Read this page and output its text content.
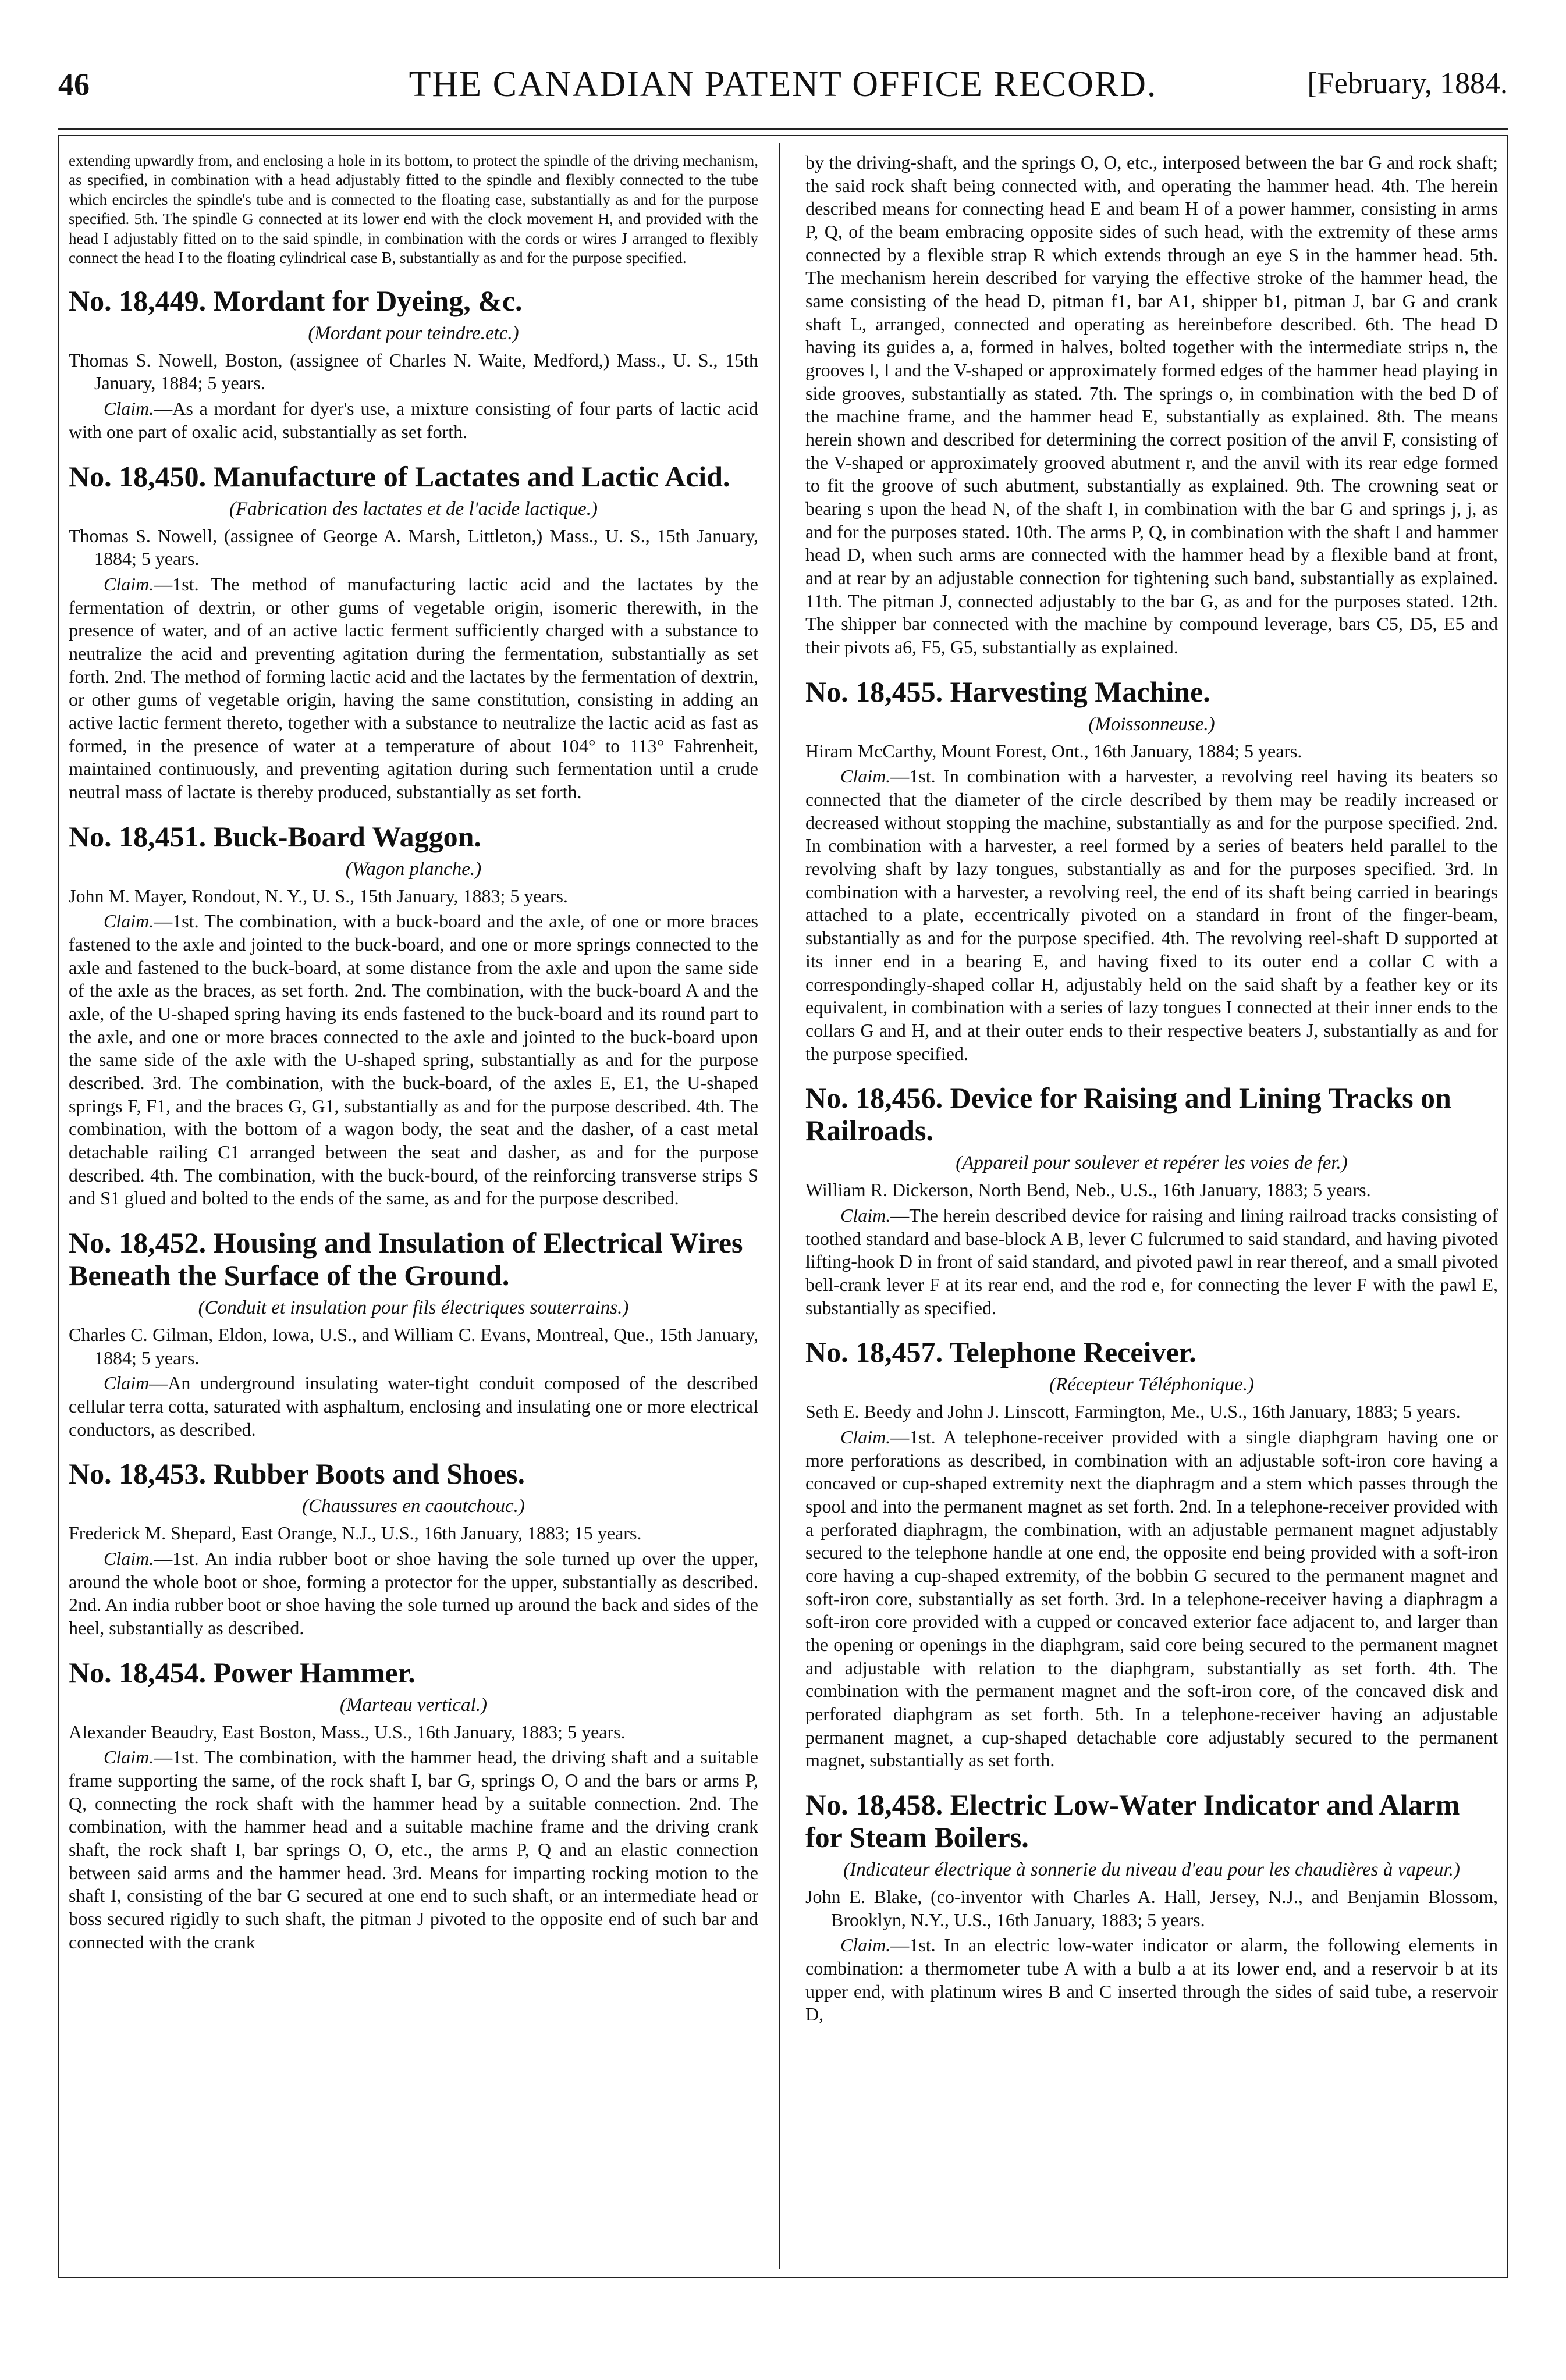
46	THE CANADIAN PATENT OFFICE RECORD.	[February, 1884.

extending upwardly from, and enclosing a hole in its bottom, to protect the spindle of the driving mechanism, as specified, in combination with a head adjustably fitted to the spindle and flexibly connected to the tube which encircles the spindle's tube and is connected to the floating case, substantially as and for the purpose specified. 5th. The spindle G connected at its lower end with the clock movement H, and provided with the head I adjustably fitted on to the said spindle, in combination with the cords or wires J arranged to flexibly connect the head I to the floating cylindrical case B, substantially as and for the purpose specified.

No. 18,449. Mordant for Dyeing, &c.
(Mordant pour teindre.etc.)

Thomas S. Nowell, Boston, (assignee of Charles N. Waite, Medford,) Mass., U. S., 15th January, 1884; 5 years.

Claim.—As a mordant for dyer's use, a mixture consisting of four parts of lactic acid with one part of oxalic acid, substantially as set forth.

No. 18,450. Manufacture of Lactates and Lactic Acid.
(Fabrication des lactates et de l'acide lactique.)

Thomas S. Nowell, (assignee of George A. Marsh, Littleton,) Mass., U. S., 15th January, 1884; 5 years.

Claim.—1st. The method of manufacturing lactic acid and the lactates by the fermentation of dextrin, or other gums of vegetable origin, isomeric therewith, in the presence of water, and of an active lactic ferment sufficiently charged with a substance to neutralize the acid and preventing agitation during the fermentation, substantially as set forth. 2nd. The method of forming lactic acid and the lactates by the fermentation of dextrin, or other gums of vegetable origin, having the same constitution, consisting in adding an active lactic ferment thereto, together with a substance to neutralize the lactic acid as fast as formed, in the presence of water at a temperature of about 104° to 113° Fahrenheit, maintained continuously, and preventing agitation during such fermentation until a crude neutral mass of lactate is thereby produced, substantially as set forth.

No. 18,451. Buck-Board Waggon.
(Wagon planche.)

John M. Mayer, Rondout, N. Y., U. S., 15th January, 1883; 5 years.

Claim.—1st. The combination, with a buck-board and the axle, of one or more braces fastened to the axle and jointed to the buck-board, and one or more springs connected to the axle and fastened to the buck-board, at some distance from the axle and upon the same side of the axle as the braces, as set forth. 2nd. The combination, with the buck-board A and the axle, of the U-shaped spring having its ends fastened to the buck-board and its round part to the axle, and one or more braces connected to the axle and jointed to the buck-board upon the same side of the axle with the U-shaped spring, substantially as and for the purpose described. 3rd. The combination, with the buck-board, of the axles E, E1, the U-shaped springs F, F1, and the braces G, G1, substantially as and for the purpose described. 4th. The combination, with the bottom of a wagon body, the seat and the dasher, of a cast metal detachable railing C1 arranged between the seat and dasher, as and for the purpose described. 4th. The combination, with the buck-bourd, of the reinforcing transverse strips S and S1 glued and bolted to the ends of the same, as and for the purpose described.

No. 18,452. Housing and Insulation of Electrical Wires Beneath the Surface of the Ground.
(Conduit et insulation pour fils électriques souterrains.)

Charles C. Gilman, Eldon, Iowa, U.S., and William C. Evans, Montreal, Que., 15th January, 1884; 5 years.

Claim—An underground insulating water-tight conduit composed of the described cellular terra cotta, saturated with asphaltum, enclosing and insulating one or more electrical conductors, as described.

No. 18,453. Rubber Boots and Shoes.
(Chaussures en caoutchouc.)

Frederick M. Shepard, East Orange, N.J., U.S., 16th January, 1883; 15 years.

Claim.—1st. An india rubber boot or shoe having the sole turned up over the upper, around the whole boot or shoe, forming a protector for the upper, substantially as described. 2nd. An india rubber boot or shoe having the sole turned up around the back and sides of the heel, substantially as described.

No. 18,454. Power Hammer.
(Marteau vertical.)

Alexander Beaudry, East Boston, Mass., U.S., 16th January, 1883; 5 years.

Claim.—1st. The combination, with the hammer head, the driving shaft and a suitable frame supporting the same, of the rock shaft I, bar G, springs O, O and the bars or arms P, Q, connecting the rock shaft with the hammer head by a suitable connection. 2nd. The combination, with the hammer head and a suitable machine frame and the driving crank shaft, the rock shaft I, bar springs O, O, etc., the arms P, Q and an elastic connection between said arms and the hammer head. 3rd. Means for imparting rocking motion to the shaft I, consisting of the bar G secured at one end to such shaft, or an intermediate head or boss secured rigidly to such shaft, the pitman J pivoted to the opposite end of such bar and connected with the crank

by the driving-shaft, and the springs O, O, etc., interposed between the bar G and rock shaft; the said rock shaft being connected with, and operating the hammer head. 4th. The herein described means for connecting head E and beam H of a power hammer, consisting in arms P, Q, of the beam embracing opposite sides of such head, with the extremity of these arms connected by a flexible strap R which extends through an eye S in the hammer head. 5th. The mechanism herein described for varying the effective stroke of the hammer head, the same consisting of the head D, pitman f1, bar A1, shipper b1, pitman J, bar G and crank shaft L, arranged, connected and operating as hereinbefore described. 6th. The head D having its guides a, a, formed in halves, bolted together with the intermediate strips n, the grooves l, l and the V-shaped or approximately formed edges of the hammer head playing in side grooves, substantially as stated. 7th. The springs o, in combination with the bed D of the machine frame, and the hammer head E, substantially as explained. 8th. The means herein shown and described for determining the correct position of the anvil F, consisting of the V-shaped or approximately grooved abutment r, and the anvil with its rear edge formed to fit the groove of such abutment, substantially as explained. 9th. The crowning seat or bearing s upon the head N, of the shaft I, in combination with the bar G and springs j, j, as and for the purposes stated. 10th. The arms P, Q, in combination with the shaft I and hammer head D, when such arms are connected with the hammer head by a flexible band at front, and at rear by an adjustable connection for tightening such band, substantially as explained. 11th. The pitman J, connected adjustably to the bar G, as and for the purposes stated. 12th. The shipper bar connected with the machine by compound leverage, bars C5, D5, E5 and their pivots a6, F5, G5, substantially as explained.

No. 18,455. Harvesting Machine.
(Moissonneuse.)

Hiram McCarthy, Mount Forest, Ont., 16th January, 1884; 5 years.

Claim.—1st. In combination with a harvester, a revolving reel having its beaters so connected that the diameter of the circle described by them may be readily increased or decreased without stopping the machine, substantially as and for the purpose specified. 2nd. In combination with a harvester, a reel formed by a series of beaters held parallel to the revolving shaft by lazy tongues, substantially as and for the purposes specified. 3rd. In combination with a harvester, a revolving reel, the end of its shaft being carried in bearings attached to a plate, eccentrically pivoted on a standard in front of the finger-beam, substantially as and for the purpose specified. 4th. The revolving reel-shaft D supported at its inner end in a bearing E, and having fixed to its outer end a collar C with a correspondingly-shaped collar H, adjustably held on the said shaft by a feather key or its equivalent, in combination with a series of lazy tongues I connected at their inner ends to the collars G and H, and at their outer ends to their respective beaters J, substantially as and for the purpose specified.

No. 18,456. Device for Raising and Lining Tracks on Railroads.
(Appareil pour soulever et repérer les voies de fer.)

William R. Dickerson, North Bend, Neb., U.S., 16th January, 1883; 5 years.

Claim.—The herein described device for raising and lining railroad tracks consisting of toothed standard and base-block A B, lever C fulcrumed to said standard, and having pivoted lifting-hook D in front of said standard, and pivoted pawl in rear thereof, and a small pivoted bell-crank lever F at its rear end, and the rod e, for connecting the lever F with the pawl E, substantially as specified.

No. 18,457. Telephone Receiver.
(Récepteur Téléphonique.)

Seth E. Beedy and John J. Linscott, Farmington, Me., U.S., 16th January, 1883; 5 years.

Claim.—1st. A telephone-receiver provided with a single diaphgram having one or more perforations as described, in combination with an adjustable soft-iron core having a concaved or cup-shaped extremity next the diaphragm and a stem which passes through the spool and into the permanent magnet as set forth. 2nd. In a telephone-receiver provided with a perforated diaphragm, the combination, with an adjustable permanent magnet adjustably secured to the telephone handle at one end, the opposite end being provided with a soft-iron core having a cup-shaped extremity, of the bobbin G secured to the permanent magnet and soft-iron core, substantially as set forth. 3rd. In a telephone-receiver having a diaphragm a soft-iron core provided with a cupped or concaved exterior face adjacent to, and larger than the opening or openings in the diaphgram, said core being secured to the permanent magnet and adjustable with relation to the diaphgram, substantially as set forth. 4th. The combination with the permanent magnet and the soft-iron core, of the concaved disk and perforated diaphgram as set forth. 5th. In a telephone-receiver having an adjustable permanent magnet, a cup-shaped detachable core adjustably secured to the permanent magnet, substantially as set forth.

No. 18,458. Electric Low-Water Indicator and Alarm for Steam Boilers.
(Indicateur électrique à sonnerie du niveau d'eau pour les chaudières à vapeur.)

John E. Blake, (co-inventor with Charles A. Hall, Jersey, N.J., and Benjamin Blossom, Brooklyn, N.Y., U.S., 16th January, 1883; 5 years.

Claim.—1st. In an electric low-water indicator or alarm, the following elements in combination: a thermometer tube A with a bulb a at its lower end, and a reservoir b at its upper end, with platinum wires B and C inserted through the sides of said tube, a reservoir D,
